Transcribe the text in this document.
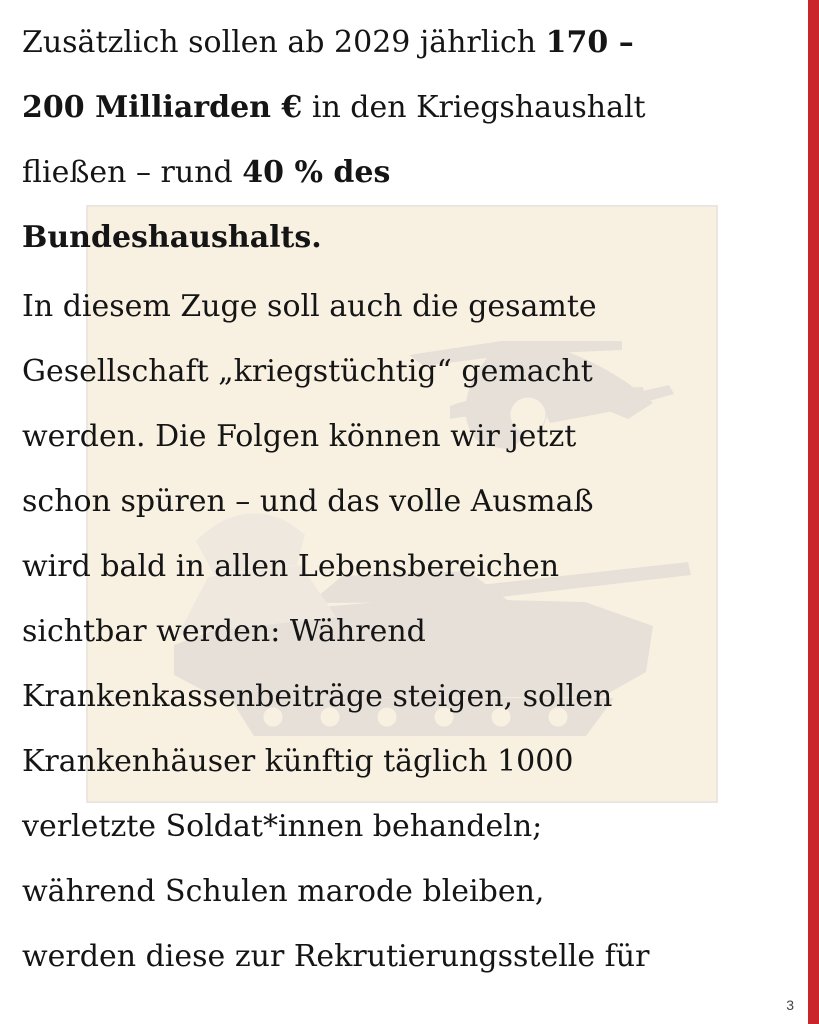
Zusätzlich sollen ab 2029 jährlich 170 –
200 Milliarden € in den Kriegshaushalt
fließen – rund 40 % des
Bundeshaushalts.

In diesem Zuge soll auch die gesamte
Gesellschaft „kriegstüchtig“ gemacht
werden. Die Folgen können wir jetzt
schon spüren – und das volle Ausmaß
wird bald in allen Lebensbereichen
sichtbar werden: Während
Krankenkassenbeiträge steigen, sollen
Krankenhäuser künftig täglich 1000
verletzte Soldat*innen behandeln;
während Schulen marode bleiben,
werden diese zur Rekrutierungsstelle für

3
